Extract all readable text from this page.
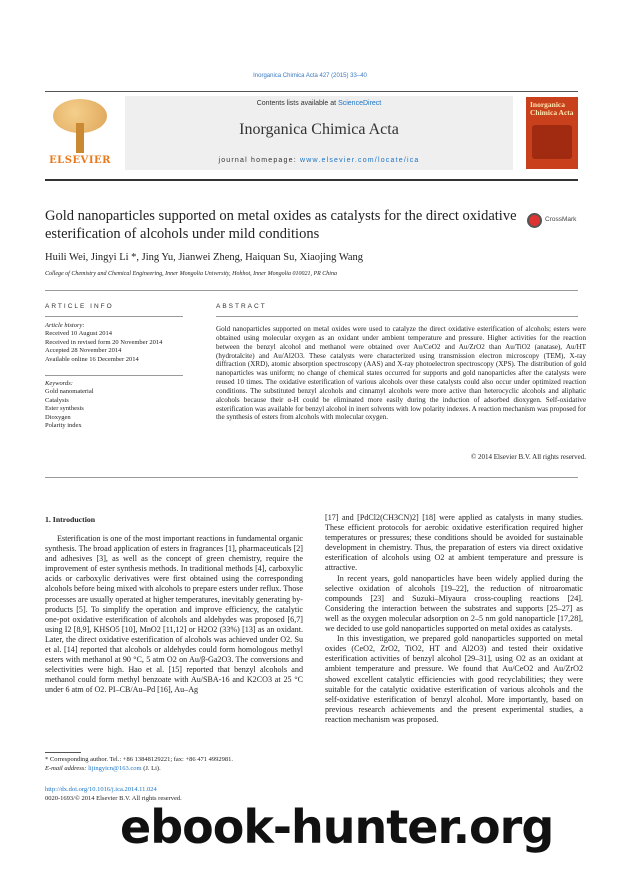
Inorganica Chimica Acta 427 (2015) 33–40
ELSEVIER
Contents lists available at ScienceDirect
Inorganica Chimica Acta
journal homepage: www.elsevier.com/locate/ica
Inorganica Chimica Acta
Gold nanoparticles supported on metal oxides as catalysts for the direct oxidative esterification of alcohols under mild conditions
CrossMark
Huili Wei, Jingyi Li *, Jing Yu, Jianwei Zheng, Haiquan Su, Xiaojing Wang
College of Chemistry and Chemical Engineering, Inner Mongolia University, Hohhot, Inner Mongolia 010021, PR China
ARTICLE INFO
Article history:
Received 10 August 2014
Received in revised form 20 November 2014
Accepted 28 November 2014
Available online 16 December 2014
Keywords:
Gold nanomaterial
Catalysis
Ester synthesis
Dioxygen
Polarity index
ABSTRACT
Gold nanoparticles supported on metal oxides were used to catalyze the direct oxidative esterification of alcohols; esters were obtained using molecular oxygen as an oxidant under ambient temperature and pressure. Higher activities for the reaction between the benzyl alcohol and methanol were obtained over Au/CeO2 and Au/ZrO2 than Au/TiO2 (anatase), Au/HT (hydrotalcite) and Au/Al2O3. These catalysts were characterized using transmission electron microscopy (TEM), X-ray diffraction (XRD), atomic absorption spectroscopy (AAS) and X-ray photoelectron spectroscopy (XPS). The distribution of gold nanoparticles was uniform; no change of chemical states occurred for supports and gold nanoparticles after the catalysts were reused 10 times. The oxidative esterification of various alcohols over these catalysts could also occur under optimized reaction conditions. The substituted benzyl alcohols and cinnamyl alcohols were more active than heterocyclic alcohols and aliphatic alcohols because their α-H could be eliminated more easily during the induction of adsorbed dioxygen. Self-oxidative esterification was available for benzyl alcohol in inert solvents with low polarity indexes. A reaction mechanism was proposed for the synthesis of esters from alcohols with molecular oxygen.
© 2014 Elsevier B.V. All rights reserved.
1. Introduction

Esterification is one of the most important reactions in fundamental organic synthesis. The broad application of esters in fragrances [1], pharmaceuticals [2] and adhesives [3], as well as the concept of green chemistry, require the improvement of ester synthesis methods. In traditional methods [4], carboxylic acids or carboxylic derivatives were first obtained using the corresponding alcohols before being mixed with alcohols to prepare esters under reflux. Those processes are usually operated at higher temperatures, inevitably generating by-products [5]. To simplify the operation and improve efficiency, the catalytic one-pot oxidative esterification of alcohols and aldehydes was proposed [6,7] using I2 [8,9], KHSO5 [10], MnO2 [11,12] or H2O2 (33%) [13] as an oxidant. Later, the direct oxidative esterification of alcohols was achieved under O2. Su et al. [14] reported that alcohols or aldehydes could form homologous methyl esters with methanol at 90 °C, 5 atm O2 on Au/β-Ga2O3. The conversions and selectivities were high. Hao et al. [15] reported that benzyl alcohols and methanol could form methyl benzoate with Au/SBA-16 and K2CO3 at 25 °C under 6 atm of O2. PI–CB/Au–Pd [16], Au–Ag

[17] and [PdCl2(CH3CN)2] [18] were applied as catalysts in many studies. These efficient protocols for aerobic oxidative esterification required higher temperatures or pressures; these conditions should be avoided for sustainable development in chemistry. Thus, the preparation of esters via direct oxidative esterification of alcohols using O2 at ambient temperature and pressure is attractive.

In recent years, gold nanoparticles have been widely applied during the selective oxidation of alcohols [19–22], the reduction of nitroaromatic compounds [23] and Suzuki–Miyaura cross-coupling reactions [24]. Considering the interaction between the substrates and supports [25–27] as well as the oxygen molecular adsorption on 2–5 nm gold nanoparticle [17,28], we decided to use gold nanoparticles supported on metal oxides as catalysts.

In this investigation, we prepared gold nanoparticles supported on metal oxides (CeO2, ZrO2, TiO2, HT and Al2O3) and tested their oxidative esterification activities of benzyl alcohol [29–31], using O2 as an oxidant at ambient temperature and pressure. We found that Au/CeO2 and Au/ZrO2 showed excellent catalytic efficiencies with good recyclabilities; they were suitable for the catalytic oxidative esterification of various alcohols and the self-oxidative esterification of benzyl alcohol. More importantly, based on previous research achievements and the present experimental studies, a reaction mechanism was proposed.

* Corresponding author. Tel.: +86 13848129221; fax: +86 471 4992981.
E-mail address: lijingyicn@163.com (J. Li).
http://dx.doi.org/10.1016/j.ica.2014.11.024
0020-1693/© 2014 Elsevier B.V. All rights reserved.
ebook-hunter.org
